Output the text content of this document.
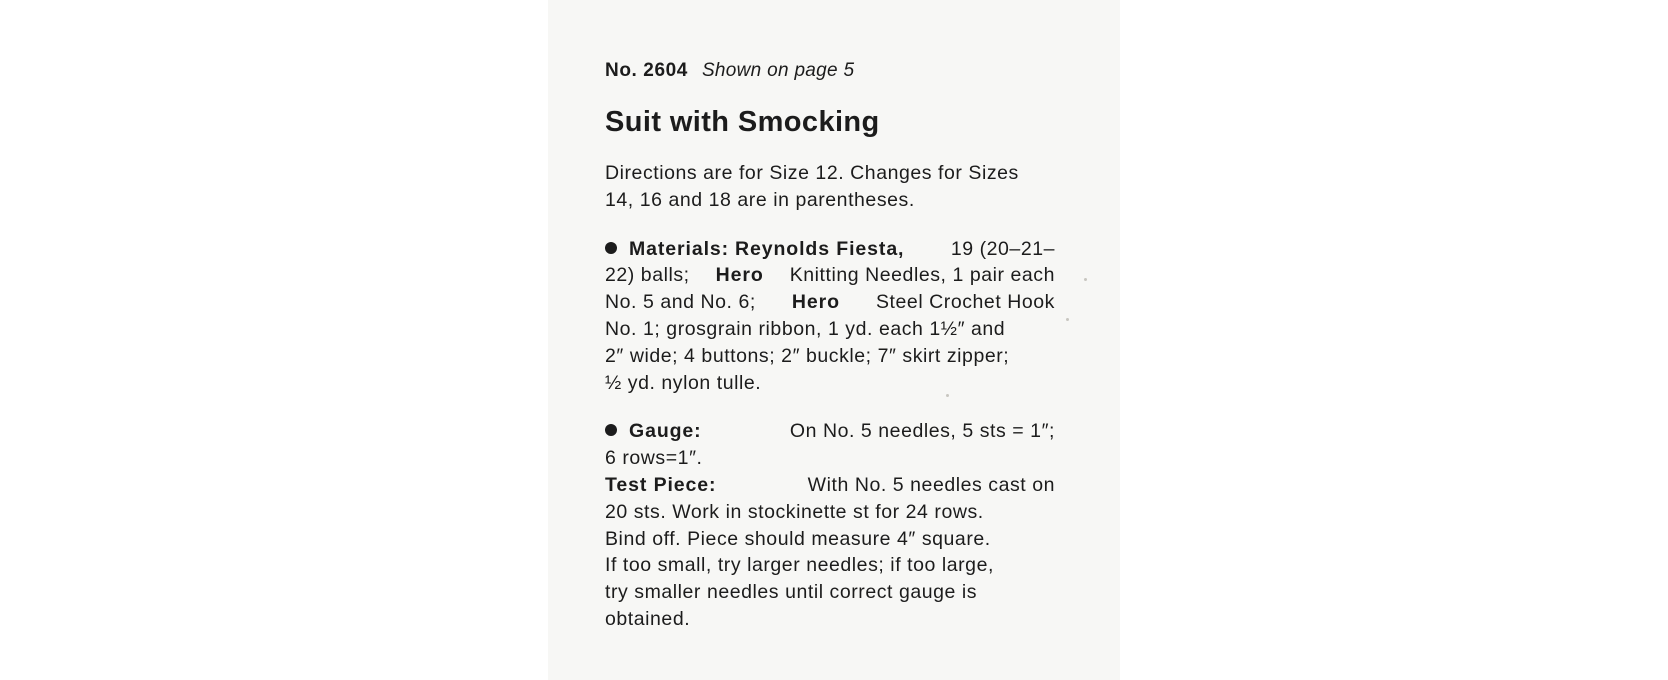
No. 2604 Shown on page 5

Suit with Smocking
Directions are for Size 12. Changes for Sizes
14, 16 and 18 are in parentheses.
Materials: Reynolds Fiesta, 19 (20–21–
22) balls; Hero Knitting Needles, 1 pair each
No. 5 and No. 6; Hero Steel Crochet Hook
No. 1; grosgrain ribbon, 1 yd. each 1½″ and
2″ wide; 4 buttons; 2″ buckle; 7″ skirt zipper;
½ yd. nylon tulle.
Gauge:	On No. 5 needles, 5 sts = 1″;
6 rows=1″.
Test Piece:	With No. 5 needles cast on
20 sts. Work in stockinette st for 24 rows.
Bind off. Piece should measure 4″ square.
If too small, try larger needles; if too large,
try smaller needles until correct gauge is
obtained.
